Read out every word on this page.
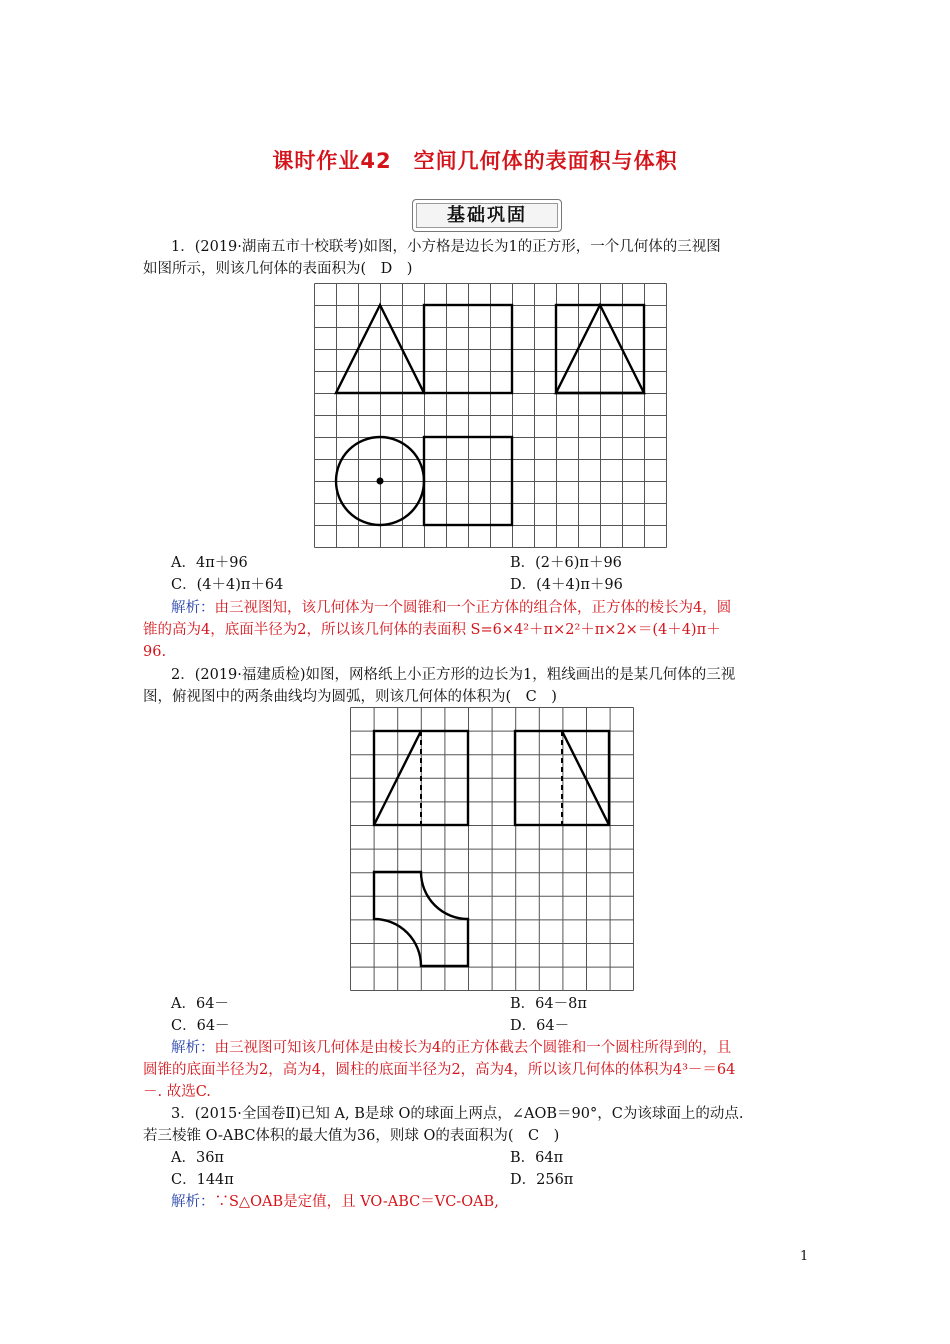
课时作业42　空间几何体的表面积与体积
基础巩固
1．(2019·湖南五市十校联考)如图，小方格是边长为1的正方形，一个几何体的三视图
如图所示，则该几何体的表面积为(　D　)
A．4π＋96	B．(2＋6)π＋96
C．(4＋4)π＋64	D．(4＋4)π＋96
解析：由三视图知，该几何体为一个圆锥和一个正方体的组合体，正方体的棱长为4，圆
锥的高为4，底面半径为2，所以该几何体的表面积 S=6×4²＋π×2²＋π×2×＝(4＋4)π＋
96.
2．(2019·福建质检)如图，网格纸上小正方形的边长为1，粗线画出的是某几何体的三视
图，俯视图中的两条曲线均为圆弧，则该几何体的体积为(　C　)
A．64－	B．64－8π
C．64－	D．64－
解析：由三视图可知该几何体是由棱长为4的正方体截去个圆锥和一个圆柱所得到的，且
圆锥的底面半径为2，高为4，圆柱的底面半径为2，高为4，所以该几何体的体积为4³－＝64
－. 故选C.
3．(2015·全国卷Ⅱ)已知 A, B是球 O的球面上两点，∠AOB＝90°，C为该球面上的动点.
若三棱锥 O-ABC体积的最大值为36，则球 O的表面积为(　C　)
A．36π	B．64π
C．144π	D．256π
解析：∵S△OAB是定值，且 VO-ABC＝VC-OAB,
1
